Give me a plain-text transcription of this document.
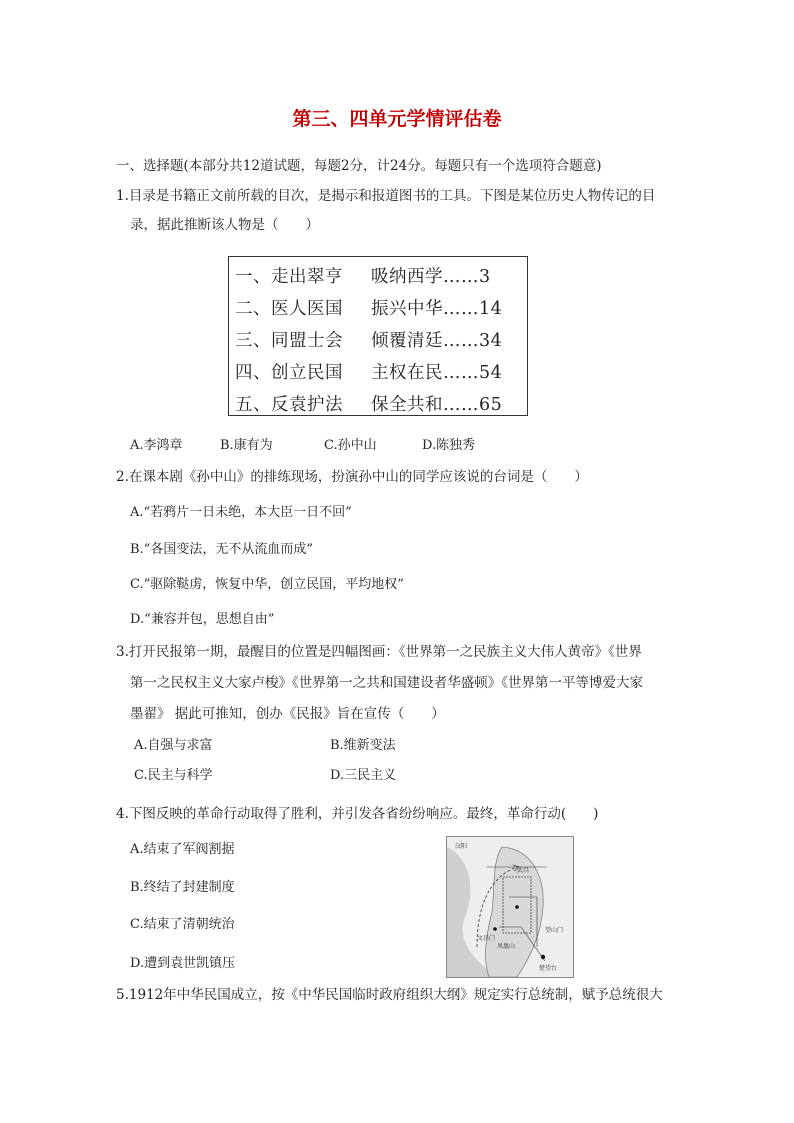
第三、四单元学情评估卷
一、选择题(本部分共12道试题，每题2分，计24分。每题只有一个选项符合题意)
1.目录是书籍正文前所载的目次，是揭示和报道图书的工具。下图是某位历史人物传记的目
录，据此推断该人物是（　　）
一、走出翠亨 吸纳西学……3
二、医人医国 振兴中华……14
三、同盟士会 倾覆清廷……34
四、创立民国 主权在民……54
五、反袁护法 保全共和……65
A.李鸿章	B.康有为	C.孙中山	D.陈独秀
2.在课本剧《孙中山》的排练现场，扮演孙中山的同学应该说的台词是（　　）
A.“若鸦片一日未绝，本大臣一日不回”
B.“各国变法，无不从流血而成”
C.“驱除鞑虏，恢复中华，创立民国，平均地权”
D.“兼容并包，思想自由”
3.打开民报第一期，最醒目的位置是四幅图画：《世界第一之民族主义大伟人黄帝》《世界
第一之民权主义大家卢梭》《世界第一之共和国建设者华盛顿》《世界第一平等博爱大家
墨翟》 据此可推知，创办《民报》旨在宣传（　　）
A.自强与求富	B.维新变法
C.民主与科学	D.三民主义
4.下图反映的革命行动取得了胜利，并引发各省纷纷响应。最终，革命行动(　　)
A.结束了军阀割据
B.终结了封建制度
C.结束了清朝统治
D.遭到袁世凯镇压
汉阳
武昌
文昌门
望山门
凤凰山
楚望台
5.1912年中华民国成立，按《中华民国临时政府组织大纲》规定实行总统制，赋予总统很大
